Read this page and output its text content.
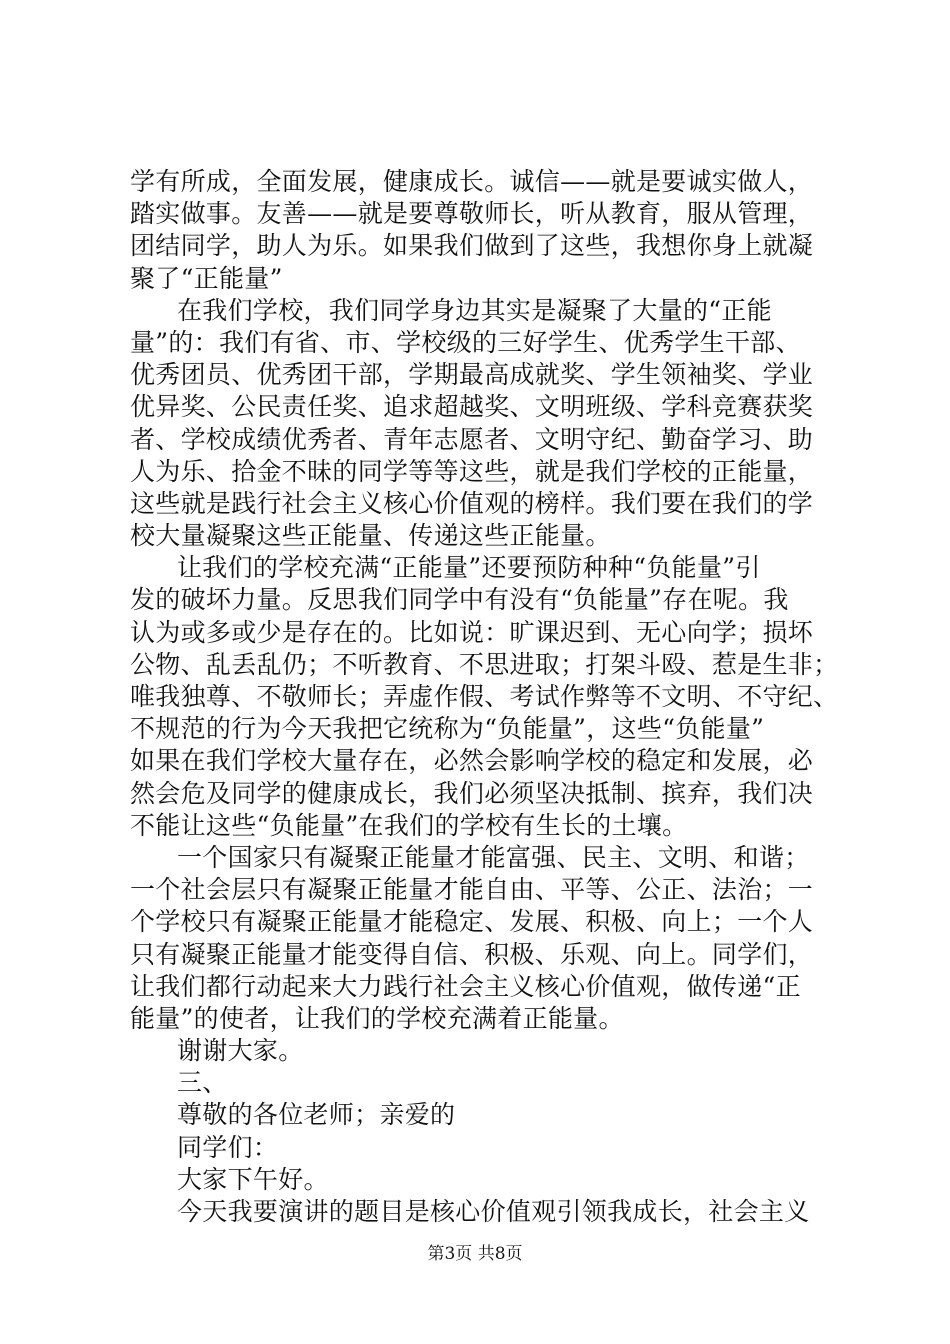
学有所成，全面发展，健康成长。诚信——就是要诚实做人，
踏实做事。友善——就是要尊敬师长，听从教育，服从管理，
团结同学，助人为乐。如果我们做到了这些，我想你身上就凝
聚了“正能量”
在我们学校，我们同学身边其实是凝聚了大量的“正能
量”的：我们有省、市、学校级的三好学生、优秀学生干部、
优秀团员、优秀团干部，学期最高成就奖、学生领袖奖、学业
优异奖、公民责任奖、追求超越奖、文明班级、学科竞赛获奖
者、学校成绩优秀者、青年志愿者、文明守纪、勤奋学习、助
人为乐、拾金不昧的同学等等这些，就是我们学校的正能量，
这些就是践行社会主义核心价值观的榜样。我们要在我们的学
校大量凝聚这些正能量、传递这些正能量。
让我们的学校充满“正能量”还要预防种种“负能量”引
发的破坏力量。反思我们同学中有没有“负能量”存在呢。我
认为或多或少是存在的。比如说：旷课迟到、无心向学；损坏
公物、乱丢乱仍；不听教育、不思进取；打架斗殴、惹是生非；
唯我独尊、不敬师长；弄虚作假、考试作弊等不文明、不守纪、
不规范的行为今天我把它统称为“负能量”，这些“负能量”
如果在我们学校大量存在，必然会影响学校的稳定和发展，必
然会危及同学的健康成长，我们必须坚决抵制、摈弃，我们决
不能让这些“负能量”在我们的学校有生长的土壤。
一个国家只有凝聚正能量才能富强、民主、文明、和谐；
一个社会层只有凝聚正能量才能自由、平等、公正、法治；一
个学校只有凝聚正能量才能稳定、发展、积极、向上；一个人
只有凝聚正能量才能变得自信、积极、乐观、向上。同学们，
让我们都行动起来大力践行社会主义核心价值观，做传递“正
能量”的使者，让我们的学校充满着正能量。
谢谢大家。
三、
尊敬的各位老师；亲爱的
同学们：
大家下午好。
今天我要演讲的题目是核心价值观引领我成长，社会主义
第3页 共8页
